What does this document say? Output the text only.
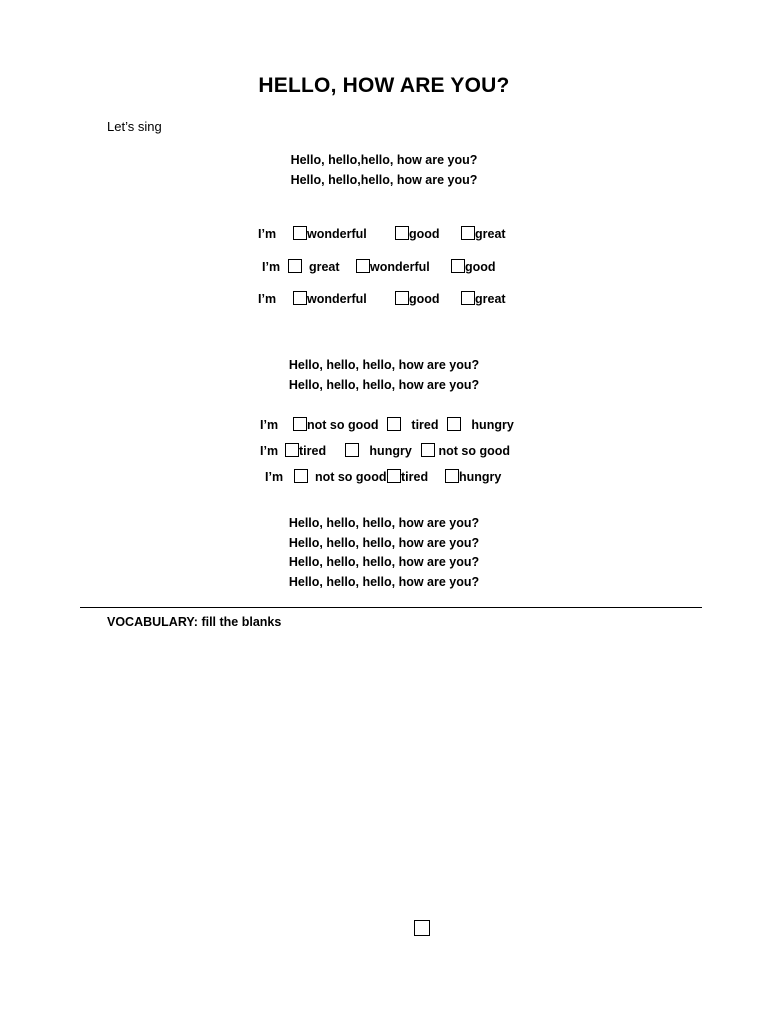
HELLO, HOW ARE YOU?
Let’s sing
Hello, hello,hello, how are you?
Hello, hello,hello, how are you?
I’m	wonderful	good	great
I’m	great	wonderful	good
I’m	wonderful	good	great
Hello, hello, hello, how are you?
Hello, hello, hello, how are you?
I’m	not so good	tired	hungry
I’m	tired	hungry	not so good
I’m	not so good	tired	hungry
Hello, hello, hello, how are you?
Hello, hello, hello, how are you?
Hello, hello, hello, how are you?
Hello, hello, hello, how are you?
VOCABULARY: fill the blanks
